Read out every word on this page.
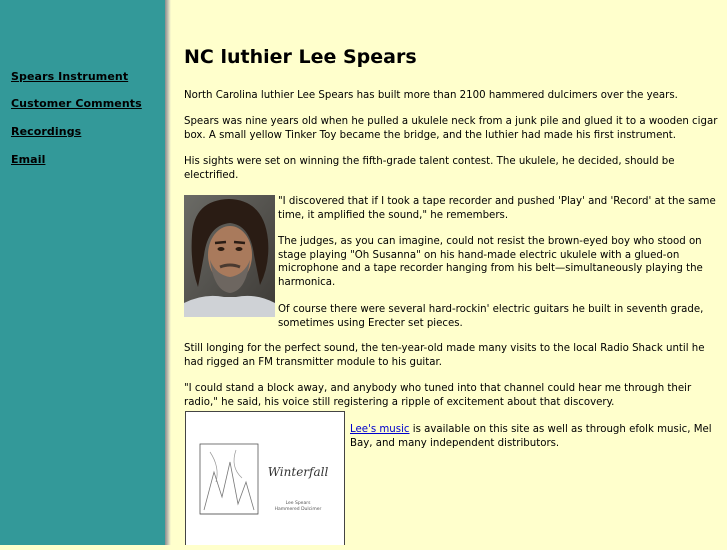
Spears Instrument
Customer Comments
Recordings
Email
NC luthier Lee Spears

North Carolina luthier Lee Spears has built more than 2100 hammered dulcimers over the years.

Spears was nine years old when he pulled a ukulele neck from a junk pile and glued it to a wooden cigar box. A small yellow Tinker Toy became the bridge, and the luthier had made his first instrument.

His sights were set on winning the fifth-grade talent contest. The ukulele, he decided, should be electrified.

"I discovered that if I took a tape recorder and pushed 'Play' and 'Record' at the same time, it amplified the sound," he remembers.

The judges, as you can imagine, could not resist the brown-eyed boy who stood on stage playing "Oh Susanna" on his hand-made electric ukulele with a glued-on microphone and a tape recorder hanging from his belt—simultaneously playing the harmonica.

Of course there were several hard-rockin' electric guitars he built in seventh grade, sometimes using Erecter set pieces.

Still longing for the perfect sound, the ten-year-old made many visits to the local Radio Shack until he had rigged an FM transmitter module to his guitar.

"I could stand a block away, and anybody who tuned into that channel could hear me through their radio," he said, his voice still registering a ripple of excitement about that discovery.

Lee's music is available on this site as well as through efolk music, Mel Bay, and many independent distributors.

Winterfall
Lee Spears
Hammered Dulcimer
